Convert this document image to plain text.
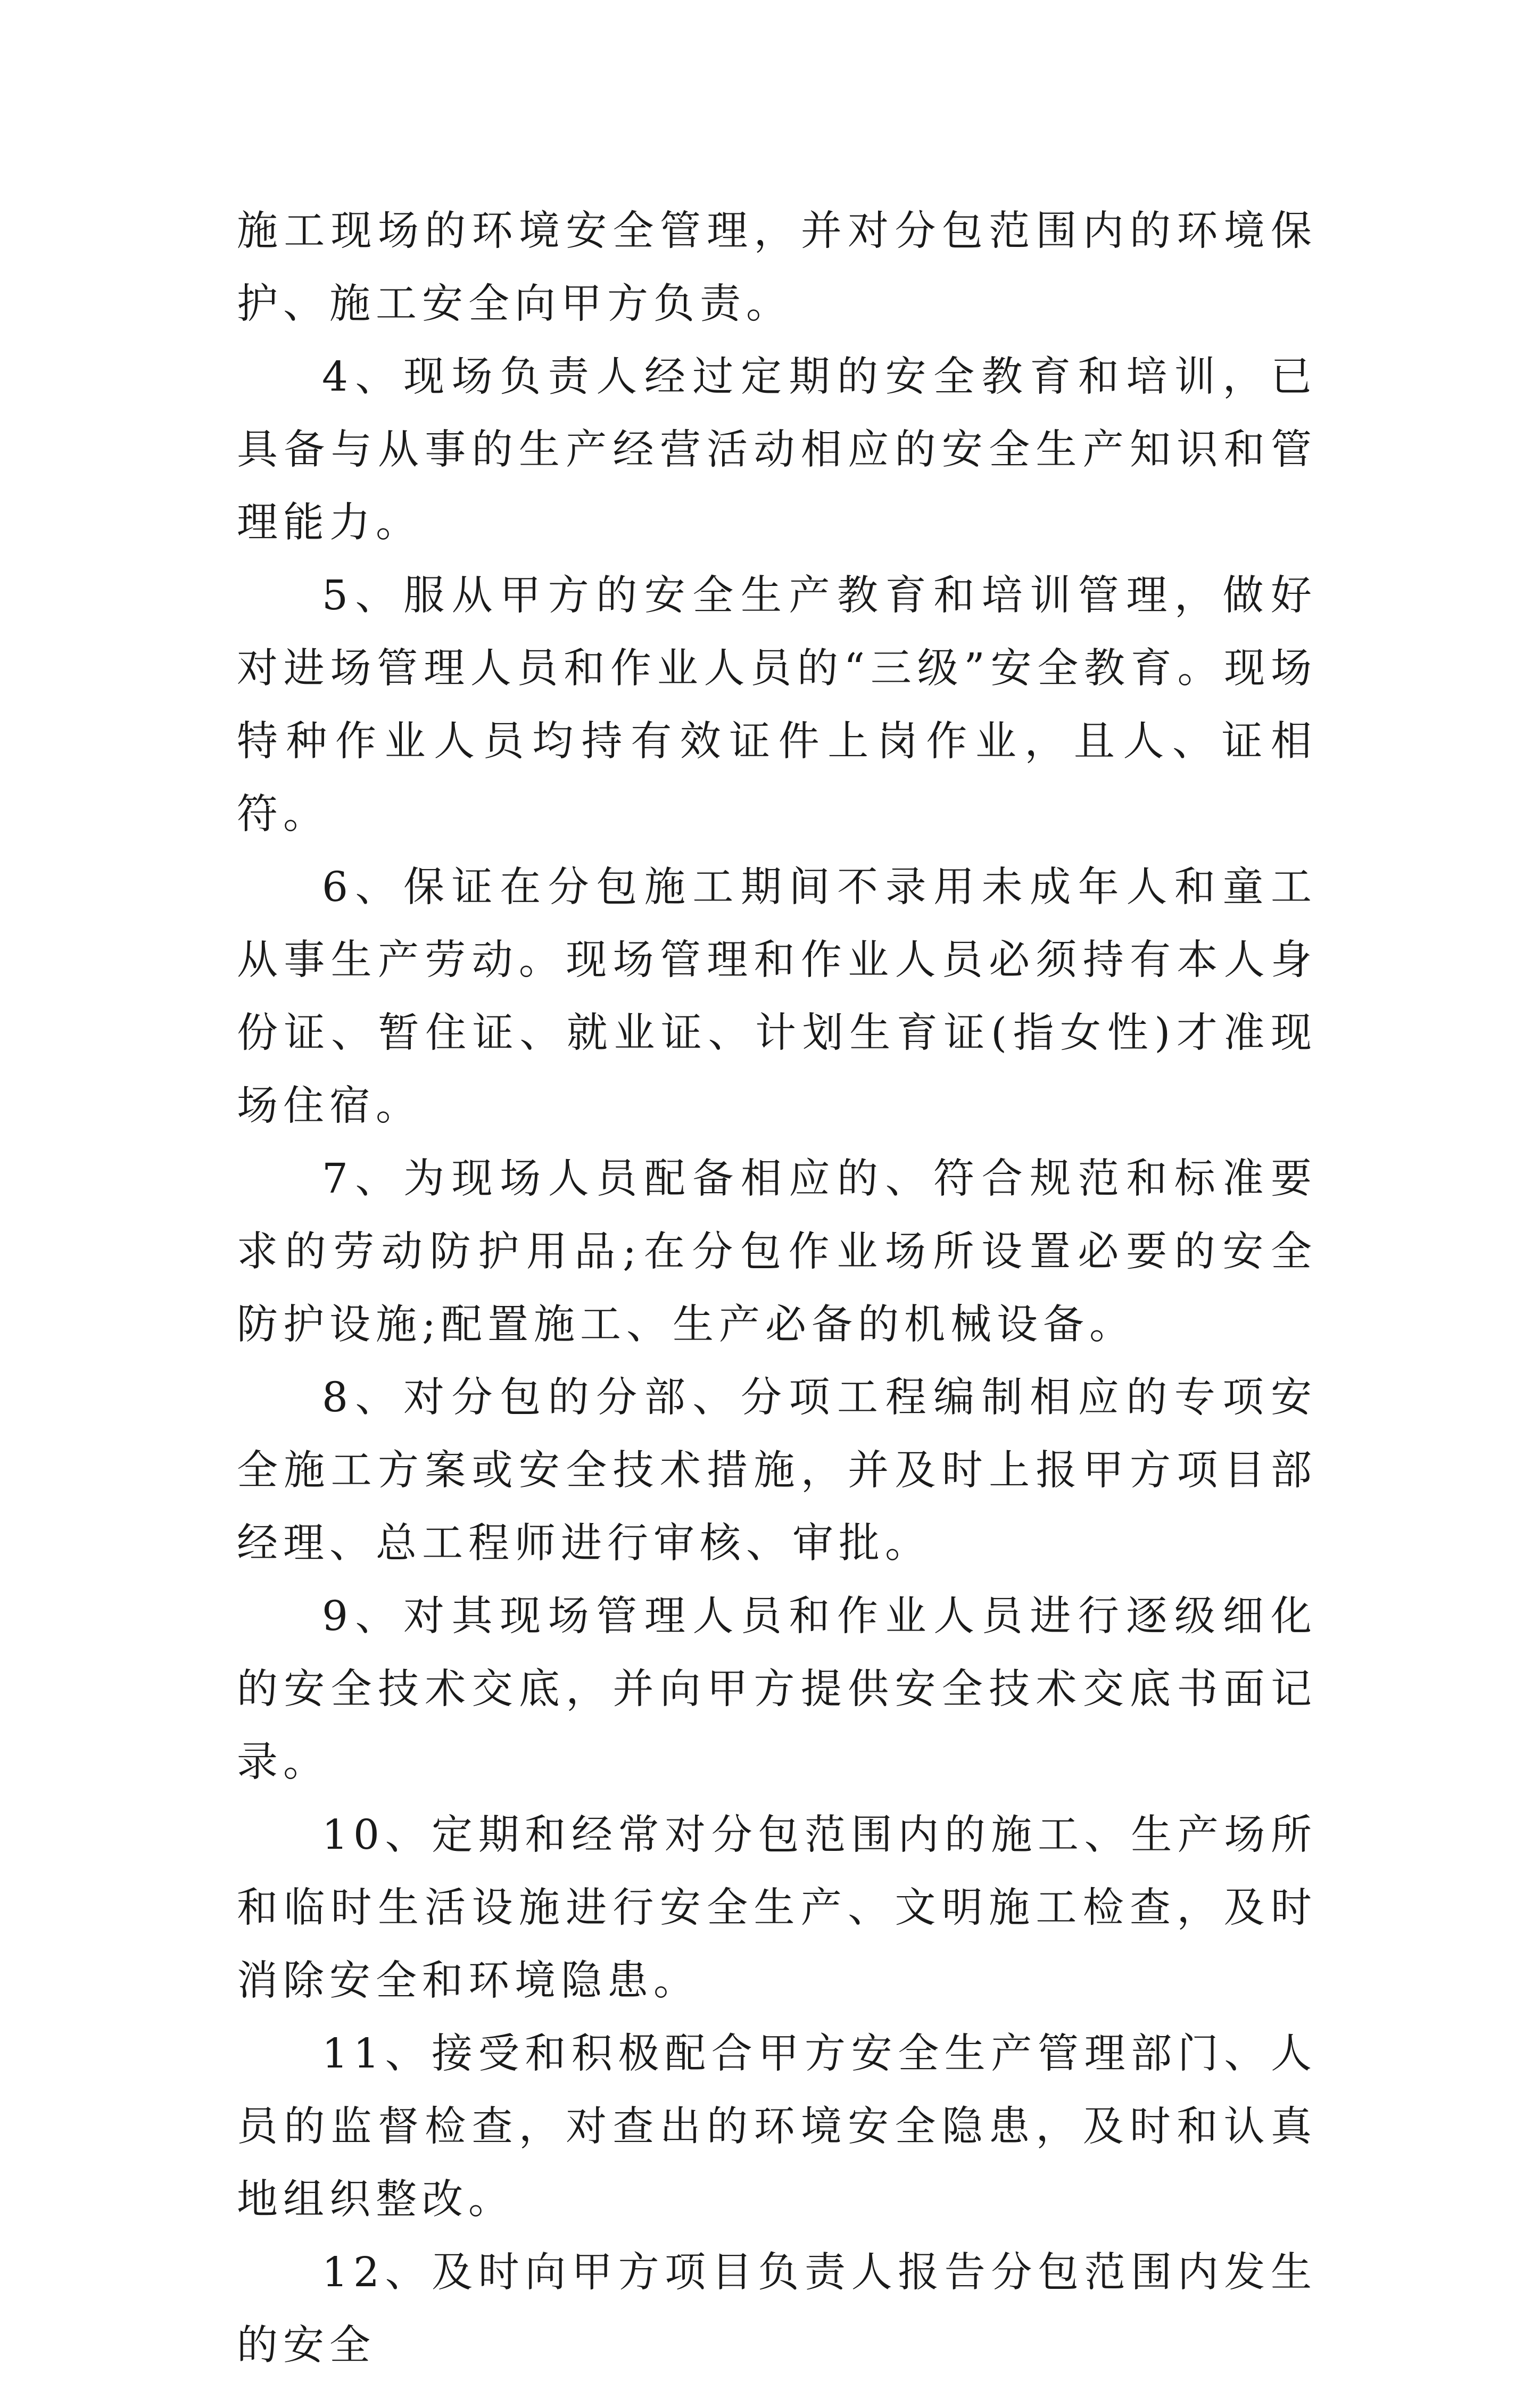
施工现场的环境安全管理，并对分包范围内的环境保护、施工安全向甲方负责。

4、现场负责人经过定期的安全教育和培训，已具备与从事的生产经营活动相应的安全生产知识和管理能力。

5、服从甲方的安全生产教育和培训管理，做好对进场管理人员和作业人员的“三级”安全教育。现场特种作业人员均持有效证件上岗作业，且人、证相符。

6、保证在分包施工期间不录用未成年人和童工从事生产劳动。现场管理和作业人员必须持有本人身份证、暂住证、就业证、计划生育证(指女性)才准现场住宿。

7、为现场人员配备相应的、符合规范和标准要求的劳动防护用品;在分包作业场所设置必要的安全防护设施;配置施工、生产必备的机械设备。

8、对分包的分部、分项工程编制相应的专项安全施工方案或安全技术措施，并及时上报甲方项目部经理、总工程师进行审核、审批。

9、对其现场管理人员和作业人员进行逐级细化的安全技术交底，并向甲方提供安全技术交底书面记录。

10、定期和经常对分包范围内的施工、生产场所和临时生活设施进行安全生产、文明施工检查，及时消除安全和环境隐患。

11、接受和积极配合甲方安全生产管理部门、人员的监督检查，对查出的环境安全隐患，及时和认真地组织整改。

12、及时向甲方项目负责人报告分包范围内发生的安全
